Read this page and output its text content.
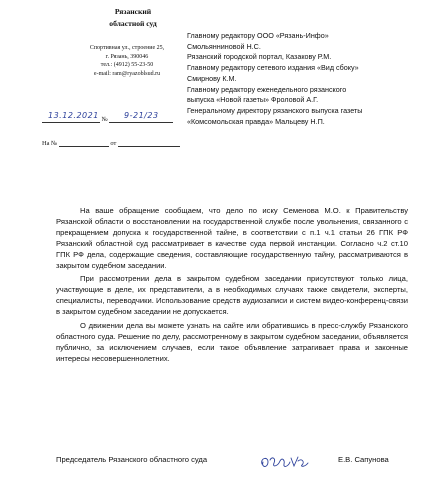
Рязанский
областной суд
Спортивная ул., строение 25,
г. Рязань, 390046
тел.: (4912) 55-23-50
e-mail: ram@ryazoblsud.ru
Главному редактору ООО «Рязань-Инфо»
Смольянниновой Н.С.
Рязанский городской портал, Казакову Р.М.
Главному редактору сетевого издания «Вид сбоку»
Смирнову К.М.
Главному редактору еженедельного рязанского
выпуска «Новой газеты» Фроловой А.Г.
Генеральному директору рязанского выпуска газеты
«Комсомольская правда» Мальцеву Н.П.
№
13.12.2021	9-21/23
На №	от

На ваше обращение сообщаем, что дело по иску Семенова М.О. к Правительству Рязанской области о восстановлении на государственной службе после увольнения, связанного с прекращением допуска к государственной тайне, в соответствии с п.1 ч.1 статьи 26 ГПК РФ Рязанский областной суд рассматривает в качестве суда первой инстанции. Согласно ч.2 ст.10 ГПК РФ дела, содержащие сведения, составляющие государственную тайну, рассматриваются в закрытом судебном заседании.

При рассмотрении дела в закрытом судебном заседании присутствуют только лица, участвующие в деле, их представители, а в необходимых случаях также свидетели, эксперты, специалисты, переводчики. Использование средств аудиозаписи и систем видео-конференц-связи в закрытом судебном заседании не допускается.

О движении дела вы можете узнать на сайте или обратившись в пресс-службу Рязанского областного суда. Решение по делу, рассмотренному в закрытом судебном заседании, объявляется публично, за исключением случаев, если такое объявление затрагивает права и законные интересы несовершеннолетних.

Председатель Рязанского областного суда	Е.В. Сапунова
